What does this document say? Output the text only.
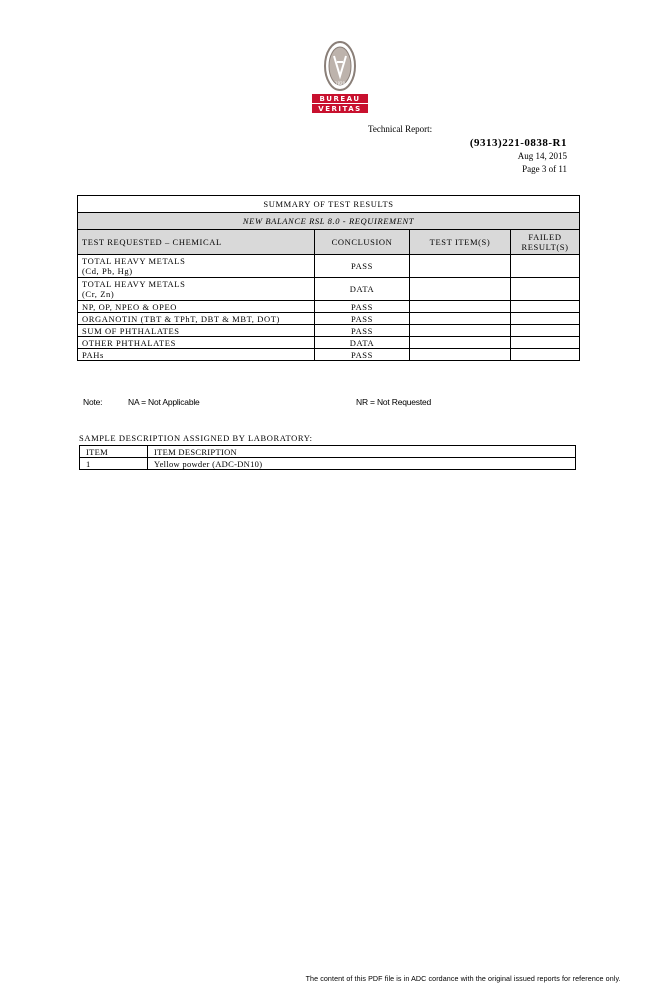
1828
BUREAU
VERITAS
Technical Report:
(9313)221-0838-R1
Aug 14, 2015
Page 3 of 11
SUMMARY OF TEST RESULTS			
NEW BALANCE RSL 8.0 - REQUIREMENT			
TEST REQUESTED – CHEMICAL	CONCLUSION	TEST ITEM(S)	FAILED RESULT(S)
TOTAL HEAVY METALS
(Cd, Pb, Hg)	PASS		
TOTAL HEAVY METALS
(Cr, Zn)	DATA		
NP, OP, NPEO & OPEO	PASS		
ORGANOTIN (TBT & TPhT, DBT & MBT, DOT)	PASS		
SUM OF PHTHALATES	PASS		
OTHER PHTHALATES	DATA		
PAHs	PASS		
Note:	NA = Not Applicable	NR = Not Requested
SAMPLE DESCRIPTION ASSIGNED BY LABORATORY:
ITEM	ITEM DESCRIPTION
1	Yellow powder (ADC-DN10)
The content of this PDF file is in ADC cordance with the original issued reports for reference only.
